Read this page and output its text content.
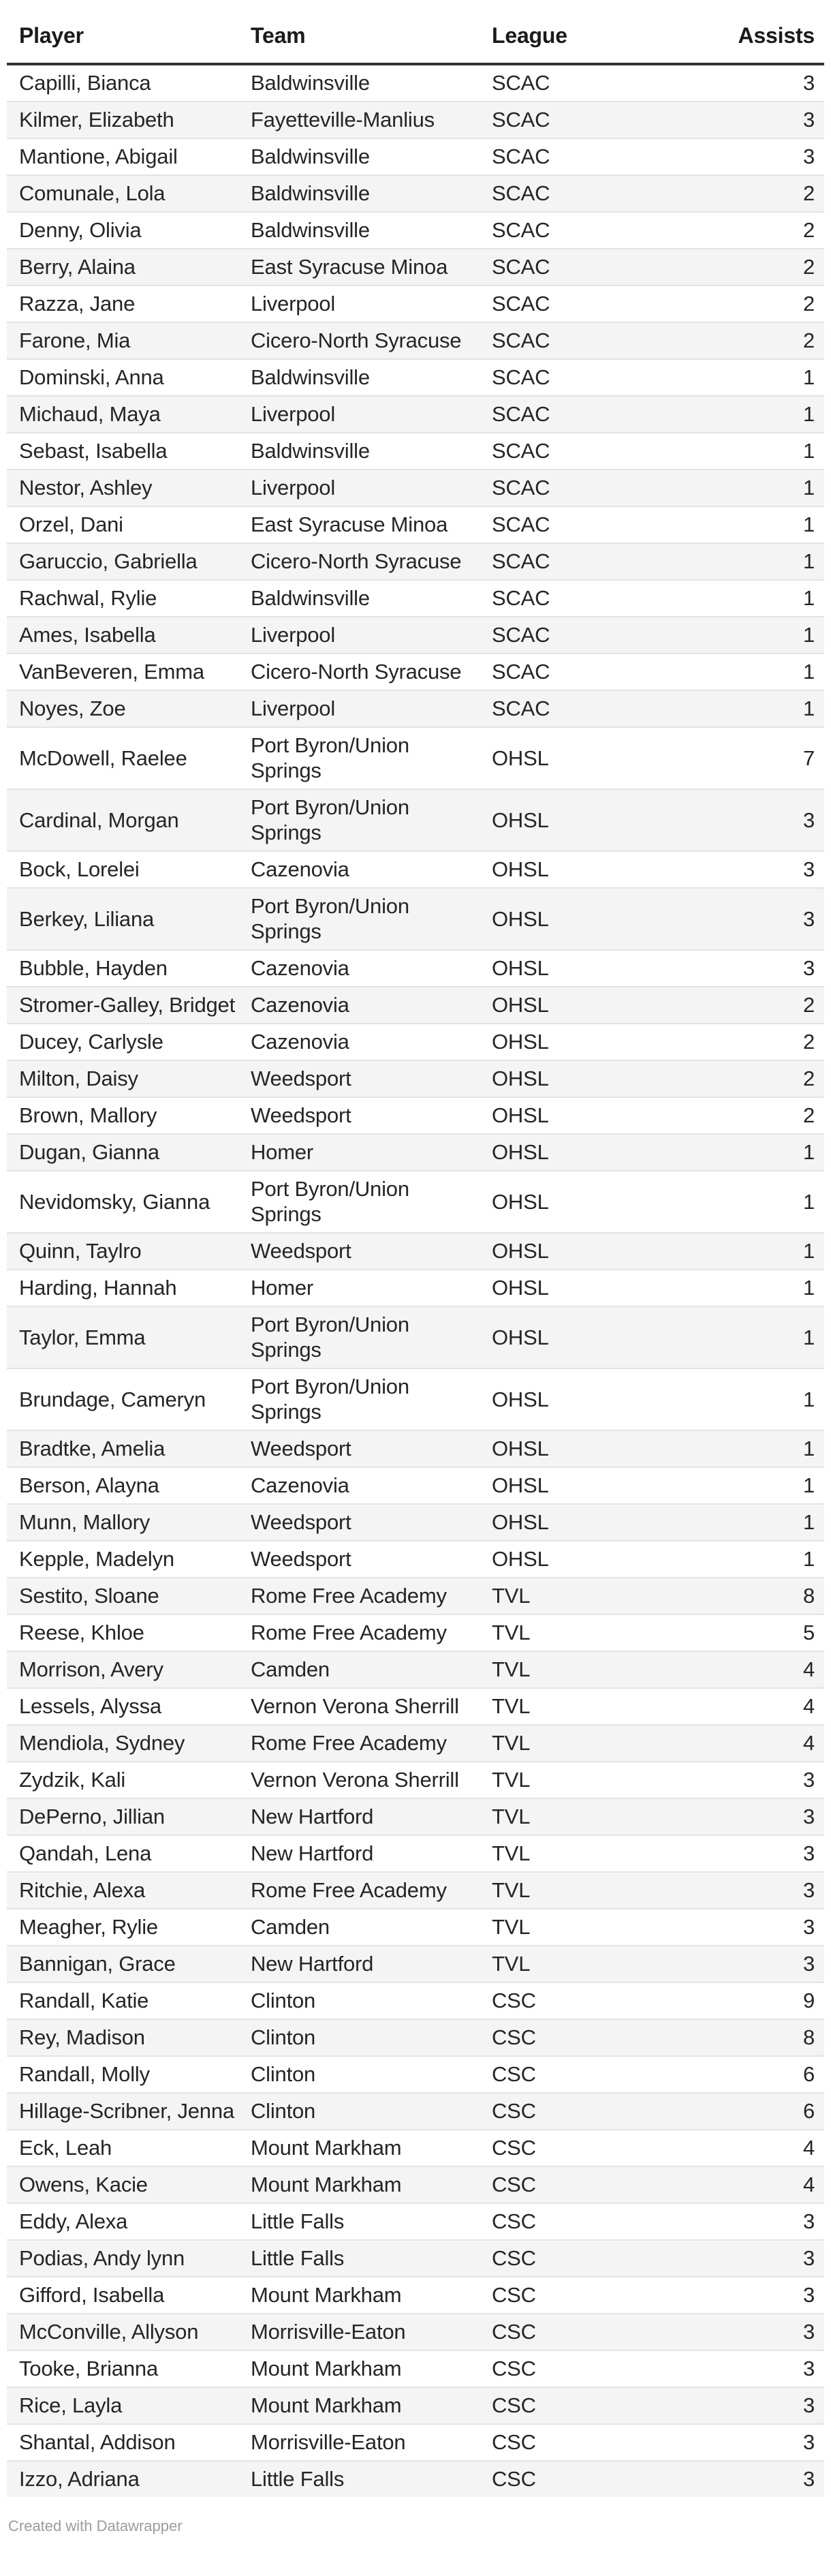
Player	Team	League	Assists
Capilli, Bianca	Baldwinsville	SCAC	3
Kilmer, Elizabeth	Fayetteville-Manlius	SCAC	3
Mantione, Abigail	Baldwinsville	SCAC	3
Comunale, Lola	Baldwinsville	SCAC	2
Denny, Olivia	Baldwinsville	SCAC	2
Berry, Alaina	East Syracuse Minoa	SCAC	2
Razza, Jane	Liverpool	SCAC	2
Farone, Mia	Cicero-North Syracuse	SCAC	2
Dominski, Anna	Baldwinsville	SCAC	1
Michaud, Maya	Liverpool	SCAC	1
Sebast, Isabella	Baldwinsville	SCAC	1
Nestor, Ashley	Liverpool	SCAC	1
Orzel, Dani	East Syracuse Minoa	SCAC	1
Garuccio, Gabriella	Cicero-North Syracuse	SCAC	1
Rachwal, Rylie	Baldwinsville	SCAC	1
Ames, Isabella	Liverpool	SCAC	1
VanBeveren, Emma	Cicero-North Syracuse	SCAC	1
Noyes, Zoe	Liverpool	SCAC	1
McDowell, Raelee	Port Byron/Union Springs	OHSL	7
Cardinal, Morgan	Port Byron/Union Springs	OHSL	3
Bock, Lorelei	Cazenovia	OHSL	3
Berkey, Liliana	Port Byron/Union Springs	OHSL	3
Bubble, Hayden	Cazenovia	OHSL	3
Stromer-Galley, Bridget	Cazenovia	OHSL	2
Ducey, Carlysle	Cazenovia	OHSL	2
Milton, Daisy	Weedsport	OHSL	2
Brown, Mallory	Weedsport	OHSL	2
Dugan, Gianna	Homer	OHSL	1
Nevidomsky, Gianna	Port Byron/Union Springs	OHSL	1
Quinn, Taylro	Weedsport	OHSL	1
Harding, Hannah	Homer	OHSL	1
Taylor, Emma	Port Byron/Union Springs	OHSL	1
Brundage, Cameryn	Port Byron/Union Springs	OHSL	1
Bradtke, Amelia	Weedsport	OHSL	1
Berson, Alayna	Cazenovia	OHSL	1
Munn, Mallory	Weedsport	OHSL	1
Kepple, Madelyn	Weedsport	OHSL	1
Sestito, Sloane	Rome Free Academy	TVL	8
Reese, Khloe	Rome Free Academy	TVL	5
Morrison, Avery	Camden	TVL	4
Lessels, Alyssa	Vernon Verona Sherrill	TVL	4
Mendiola, Sydney	Rome Free Academy	TVL	4
Zydzik, Kali	Vernon Verona Sherrill	TVL	3
DePerno, Jillian	New Hartford	TVL	3
Qandah, Lena	New Hartford	TVL	3
Ritchie, Alexa	Rome Free Academy	TVL	3
Meagher, Rylie	Camden	TVL	3
Bannigan, Grace	New Hartford	TVL	3
Randall, Katie	Clinton	CSC	9
Rey, Madison	Clinton	CSC	8
Randall, Molly	Clinton	CSC	6
Hillage-Scribner, Jenna	Clinton	CSC	6
Eck, Leah	Mount Markham	CSC	4
Owens, Kacie	Mount Markham	CSC	4
Eddy, Alexa	Little Falls	CSC	3
Podias, Andy lynn	Little Falls	CSC	3
Gifford, Isabella	Mount Markham	CSC	3
McConville, Allyson	Morrisville-Eaton	CSC	3
Tooke, Brianna	Mount Markham	CSC	3
Rice, Layla	Mount Markham	CSC	3
Shantal, Addison	Morrisville-Eaton	CSC	3
Izzo, Adriana	Little Falls	CSC	3
Created with Datawrapper
